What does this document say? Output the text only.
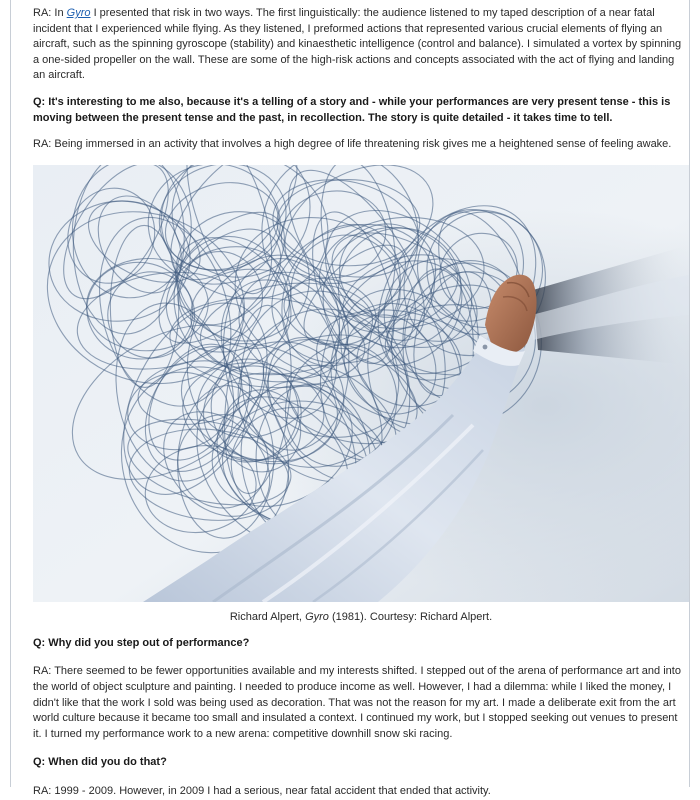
RA: In Gyro I presented that risk in two ways. The first linguistically: the audience listened to my taped description of a near fatal incident that I experienced while flying. As they listened, I preformed actions that represented various crucial elements of flying an aircraft, such as the spinning gyroscope (stability) and kinaesthetic intelligence (control and balance). I simulated a vortex by spinning a one-sided propeller on the wall. These are some of the high-risk actions and concepts associated with the act of flying and landing an aircraft.

Q: It's interesting to me also, because it's a telling of a story and - while your performances are very present tense - this is moving between the present tense and the past, in recollection. The story is quite detailed - it takes time to tell.

RA: Being immersed in an activity that involves a high degree of life threatening risk gives me a heightened sense of feeling awake.

Richard Alpert, Gyro (1981). Courtesy: Richard Alpert.

Q: Why did you step out of performance?

RA: There seemed to be fewer opportunities available and my interests shifted. I stepped out of the arena of performance art and into the world of object sculpture and painting. I needed to produce income as well. However, I had a dilemma: while I liked the money, I didn't like that the work I sold was being used as decoration. That was not the reason for my art. I made a deliberate exit from the art world culture because it became too small and insulated a context. I continued my work, but I stopped seeking out venues to present it. I turned my performance work to a new arena: competitive downhill snow ski racing.

Q: When did you do that?

RA: 1999 - 2009. However, in 2009 I had a serious, near fatal accident that ended that activity.
